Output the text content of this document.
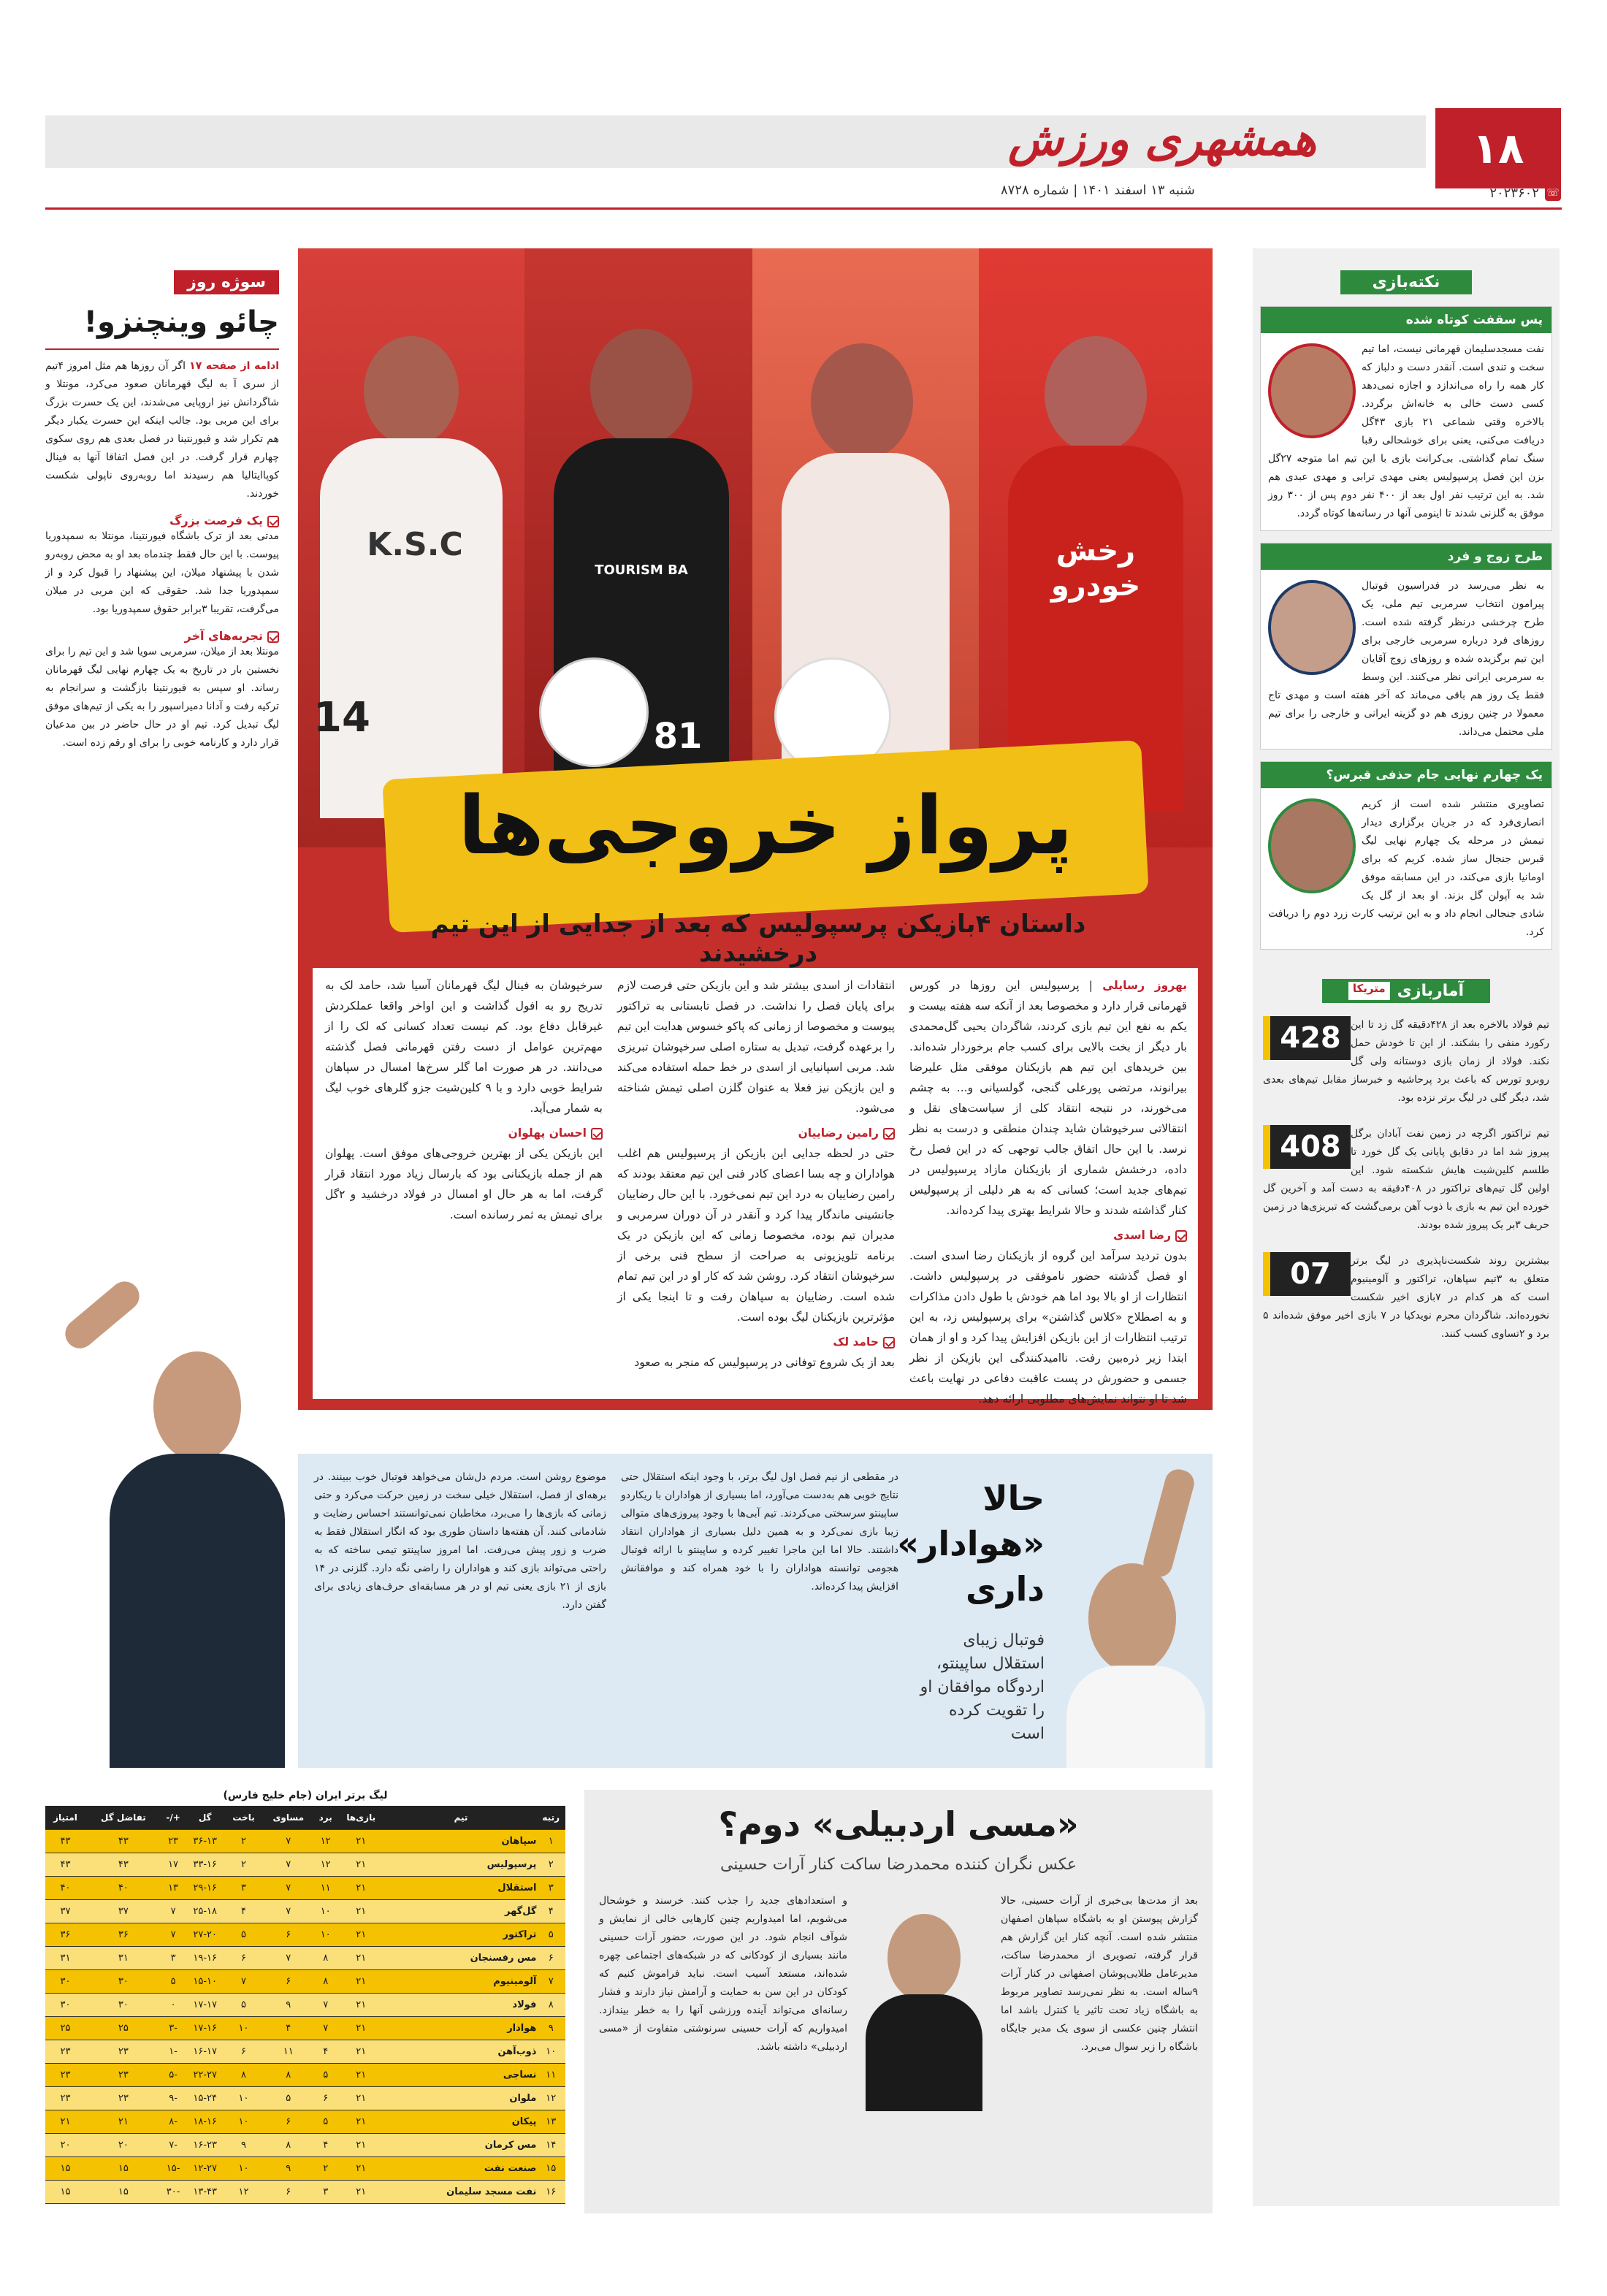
۱۸
همشهری ورزش
شنبه ۱۳ اسفند ۱۴۰۱ | شماره ۸۷۲۸	☏
۲۰۲۳۶۰۲
رخش خودرو
TOURISM BA
81
K.S.C
14
پرواز خروجی‌ها
داستان ۴بازیکن پرسپولیس که بعد از جدایی از این تیم درخشیدند
بهروز رسایلی | پرسپولیس این روزها در کورس قهرمانی قرار دارد و مخصوصا بعد از آنکه سه هفته بیست و یکم به نفع این تیم بازی کردند، شاگردان یحیی گل‌محمدی بار دیگر از بخت بالایی برای کسب جام برخوردار شده‌اند. بین خریدهای این تیم هم بازیکنان موفقی مثل علیرضا بیرانوند، مرتضی پورعلی گنجی، گولسیانی و... به چشم می‌خورند، در نتیجه انتقاد کلی از سیاست‌های نقل و انتقالاتی سرخپوشان شاید چندان منطقی و درست به نظر نرسد. با این حال اتفاق جالب توجهی که در این فصل رخ داده، درخشش شماری از بازیکنان مازاد پرسپولیس در تیم‌های جدید است؛ کسانی که به هر دلیلی از پرسپولیس کنار گذاشته شدند و حالا شرایط بهتری پیدا کرده‌اند.
رضا اسدی
بدون تردید سرآمد این گروه از بازیکنان رضا اسدی است. او فصل گذشته حضور ناموفقی در پرسپولیس داشت. انتظارات از او بالا بود اما هم خودش با طول دادن مذاکرات و به اصطلاح «کلاس گذاشتن» برای پرسپولیس زد، به این ترتیب انتظارات از این بازیکن افزایش پیدا کرد و او از همان ابتدا زیر ذره‌بین رفت. ناامیدکنندگی این بازیکن از نظر جسمی و حضورش در پست عاقبت دفاعی در نهایت باعث شد تا او نتواند نمایش‌های مطلوبی ارائه دهد.
انتقادات از اسدی بیشتر شد و این بازیکن حتی فرصت لازم برای پایان فصل را نداشت. در فصل تابستانی به تراکتور پیوست و مخصوصا از زمانی که پاکو خسوس هدایت این تیم را برعهده گرفت، تبدیل به ستاره اصلی سرخپوشان تبریزی شد. مربی اسپانیایی از اسدی در خط حمله استفاده می‌کند و این بازیکن نیز فعلا به عنوان گلزن اصلی تیمش شناخته می‌شود.
رامین رضاییان
حتی در لحظه جدایی این بازیکن از پرسپولیس هم اغلب هواداران و چه بسا اعضای کادر فنی این تیم معتقد بودند که رامین رضاییان به درد این تیم نمی‌خورد. با این حال رضاییان جانشینی ماندگار پیدا کرد و آنقدر در آن دوران سرمربی و مدیران تیم بوده، مخصوصا زمانی که این بازیکن در یک برنامه تلویزیونی به صراحت از سطح فنی برخی از سرخپوشان انتقاد کرد. روشن شد که کار او در این تیم تمام شده است. رضاییان به سپاهان رفت و تا اینجا یکی از مؤثرترین بازیکنان لیگ بوده است.
حامد لک
بعد از یک شروع توفانی در پرسپولیس که منجر به صعود
سرخپوشان به فینال لیگ قهرمانان آسیا شد، حامد لک به تدریج رو به افول گذاشت و این اواخر واقعا عملکردش غیرقابل دفاع بود. کم نیست تعداد کسانی که لک را از مهم‌ترین عوامل از دست رفتن قهرمانی فصل گذشته می‌دانند. در هر صورت اما گلر سرخ‌ها امسال در سپاهان شرایط خوبی دارد و با ۹ کلین‌شیت جزو گلرهای خوب لیگ به شمار می‌آید.
احسان پهلوان
این بازیکن یکی از بهترین خروجی‌های موفق است. پهلوان هم از جمله بازیکنانی بود که بارسال زیاد مورد انتقاد قرار گرفت، اما به هر حال او امسال در فولاد درخشید و ۲گل برای تیمش به ثمر رسانده است.
سوژه روز
چائو وینچنزو!
ادامه از صفحه ۱۷ اگر آن روزها هم مثل امروز ۴تیم از سری آ به لیگ قهرمانان صعود می‌کرد، مونتلا و شاگردانش نیز اروپایی می‌شدند، این یک حسرت بزرگ برای این مربی بود. جالب اینکه این حسرت یکبار دیگر هم تکرار شد و فیورنتینا در فصل بعدی هم روی سکوی چهارم قرار گرفت. در این فصل اتفاقا آنها به فینال کوپاایتالیا هم رسیدند اما روبه‌روی ناپولی شکست خوردند.
یک فرصت بزرگ
مدتی بعد از ترک باشگاه فیورنتینا، مونتلا به سمپدوریا پیوست. با این حال فقط چندماه بعد او به محض روبه‌رو شدن با پیشنهاد میلان، این پیشنهاد را قبول کرد و از سمپدوریا جدا شد. حقوقی که این مربی در میلان می‌گرفت، تقریبا ۳برابر حقوق سمپدوریا بود.
تجربه‌های آخر
مونتلا بعد از میلان، سرمربی سویا شد و این تیم را برای نخستین بار در تاریخ به یک چهارم نهایی لیگ قهرمانان رساند. او سپس به فیورنتینا بازگشت و سرانجام به ترکیه رفت و آدانا دمیراسپور را به یکی از تیم‌های موفق لیگ تبدیل کرد. تیم او در حال حاضر در بین مدعیان قرار دارد و کارنامه خوبی را برای او رقم زده است.
نکته‌بازی
پس سقفت کوتاه شده
نفت مسجدسلیمان قهرمانی نیست، اما تیم سخت و تندی است. آنقدر دست و دلباز که کار همه را راه می‌اندازد و اجازه نمی‌دهد کسی دست خالی به خانه‌اش برگردد. بالاخره وقتی شماعی ۲۱ بازی ۴۳گل دریافت می‌کنی، یعنی برای خوشحالی رقبا سنگ تمام گذاشتی. بی‌کرانت بازی با این تیم اما متوجه ۲۷گل بزن این فصل پرسپولیس یعنی مهدی ترابی و مهدی عبدی هم شد. به این ترتیب نفر اول بعد از ۴۰۰ نفر دوم پس از ۳۰۰ روز موفق به گلزنی شدند تا اینومی آنها در رسانه‌ها کوتاه گردد.
طرح زوج و فرد
به نظر می‌رسد در فدراسیون فوتبال پیرامون انتخاب سرمربی تیم ملی، یک طرح چرخشی درنظر گرفته شده است. روزهای فرد درباره سرمربی خارجی برای این تیم برگزیده شده و روزهای زوج آقایان به سرمربی ایرانی نظر می‌کنند. این وسط فقط یک روز هم باقی می‌ماند که آخر هفته است و مهدی تاج معمولا در چنین روزی هم دو گزینه ایرانی و خارجی را برای تیم ملی محتمل می‌داند.
یک چهارم نهایی جام حذفی قبرس؟
تصاویری منتشر شده است از کریم انصاری‌فرد که در جریان برگزاری دیدار تیمش در مرحله یک چهارم نهایی لیگ قبرس جنجال ساز شده. کریم که برای اومانیا بازی می‌کند، در این مسابقه موفق شد به آپولن گل بزند. او بعد از گل یک شادی جنجالی انجام داد و به این ترتیب کارت زرد دوم را دریافت کرد.
آماربازی
متریکا
428 تیم فولاد بالاخره بعد از ۴۲۸دقیقه گل زد تا این رکورد منفی را بشکند. از این تا خودش حمل نکند. فولاد از زمان بازی دوستانه ولی گل روبرو تورس که باعث برد پرحاشیه و خبرساز مقابل تیم‌های بعدی شد، دیگر گلی در لیگ برتر نزده بود.
408 تیم تراکتور اگرچه در زمین نفت آبادان برگل پیروز شد اما در دقایق پایانی یک گل خورد تا طلسم کلین‌شیت هایش شکسته شود. این اولین گل تیم‌های تراکتور در ۴۰۸دقیقه به دست آمد و آخرین گل خورده این تیم به بازی با ذوب آهن برمی‌گشت که تبریزی‌ها در زمین حریف ۳بر یک پیروز شده بودند.
07	بیشترین روند شکست‌ناپذیری در لیگ برتر متعلق به ۳تیم سپاهان، تراکتور و آلومینیوم است که هر کدام در ۷بازی اخیر شکست نخورده‌اند. شاگردان محرم نویدکیا در ۷ بازی اخیر موفق شده‌اند ۵ برد و ۲تساوی کسب کنند.
حالا «هوادار» داری
فوتبال زیبای استقلال ساپینتو، اردوگاه موافقان او را تقویت کرده است
در مقطعی از نیم فصل اول لیگ برتر، با وجود اینکه استقلال حتی نتایج خوبی هم به‌دست می‌آورد، اما بسیاری از هواداران با ریکاردو ساپینتو سرسختی می‌کردند. تیم آبی‌ها با وجود پیروزی‌های متوالی زیبا بازی نمی‌کرد و به همین دلیل بسیاری از هواداران انتقاد داشتند. حالا اما این ماجرا تغییر کرده و ساپینتو با ارائه فوتبال هجومی توانسته هواداران را با خود همراه کند و موافقانش افزایش پیدا کرده‌اند.
موضوع روشن است. مردم دل‌شان می‌خواهد فوتبال خوب ببینند. در برهه‌ای از فصل، استقلال خیلی سخت در زمین حرکت می‌کرد و حتی زمانی که بازی‌ها را می‌برد، مخاطبان نمی‌توانستند احساس رضایت و شادمانی کنند. آن هفته‌ها داستان طوری بود که انگار استقلال فقط به ضرب و زور پیش می‌رفت. اما امروز ساپینتو تیمی ساخته که به راحتی می‌تواند بازی کند و هواداران را راضی نگه دارد. گلزنی در ۱۴ بازی از ۲۱ بازی یعنی تیم او در هر مسابقه‌ای حرف‌های زیادی برای گفتن دارد.
«مسی اردبیلی» دوم؟
عکس نگران کننده محمدرضا ساکت کنار آرات حسینی
بعد از مدت‌ها بی‌خبری از آرات حسینی، حالا گزارش پیوستن او به باشگاه سپاهان اصفهان منتشر شده است. آنچه کنار این گزارش هم قرار گرفته، تصویری از محمدرضا ساکت، مدیرعامل طلایی‌پوشان اصفهانی در کنار آرات ۹ساله است. به نظر نمی‌رسد تصاویر مربوط به باشگاه زیاد تحت تاثیر یا کنترل باشد اما انتشار چنین عکسی از سوی یک مدیر جایگاه باشگاه را زیر سوال می‌برد.
و استعدادهای جدید را جذب کنند. خرسند و خوشحال می‌شویم، اما امیدواریم چنین کارهایی خالی از نمایش و شوآف انجام شود. در این صورت، حضور آرات حسینی مانند بسیاری از کودکانی که در شبکه‌های اجتماعی چهره شده‌اند، مستعد آسیب است. نباید فراموش کنیم که کودکان در این سن به حمایت و آرامش نیاز دارند و فشار رسانه‌ای می‌تواند آینده ورزشی آنها را به خطر بیندازد. امیدواریم که آرات حسینی سرنوشتی متفاوت از «مسی اردبیلی» داشته باشد.
لیگ برتر ایران (جام خلیج فارس)
رتبه	تیم	بازی‌ها	برد	مساوی	باخت	گل	+/-	تفاضل گل	امتیاز
۱	سپاهان	۲۱	۱۲	۷	۲	۳۶-۱۳	۲۳	۴۳	۴۳
۲	پرسپولیس	۲۱	۱۲	۷	۲	۳۳-۱۶	۱۷	۴۳	۴۳
۳	استقلال	۲۱	۱۱	۷	۳	۲۹-۱۶	۱۳	۴۰	۴۰
۴	گل‌گهر	۲۱	۱۰	۷	۴	۲۵-۱۸	۷	۳۷	۳۷
۵	تراکتور	۲۱	۱۰	۶	۵	۲۷-۲۰	۷	۳۶	۳۶
۶	مس رفسنجان	۲۱	۸	۷	۶	۱۹-۱۶	۳	۳۱	۳۱
۷	آلومینیوم	۲۱	۸	۶	۷	۱۵-۱۰	۵	۳۰	۳۰
۸	فولاد	۲۱	۷	۹	۵	۱۷-۱۷	۰	۳۰	۳۰
۹	هوادار	۲۱	۷	۴	۱۰	۱۷-۱۶	-۳	۲۵	۲۵
۱۰	ذوب‌آهن	۲۱	۴	۱۱	۶	۱۶-۱۷	-۱	۲۳	۲۳
۱۱	نساجی	۲۱	۵	۸	۸	۲۲-۲۷	-۵	۲۳	۲۳
۱۲	ملوان	۲۱	۶	۵	۱۰	۱۵-۲۴	-۹	۲۳	۲۳
۱۳	پیکان	۲۱	۵	۶	۱۰	۱۸-۱۶	-۸	۲۱	۲۱
۱۴	مس کرمان	۲۱	۴	۸	۹	۱۶-۲۳	-۷	۲۰	۲۰
۱۵	صنعت نفت	۲۱	۲	۹	۱۰	۱۲-۲۷	-۱۵	۱۵	۱۵
۱۶	نفت مسجد سلیمان	۲۱	۳	۶	۱۲	۱۳-۴۳	-۳۰	۱۵	۱۵
